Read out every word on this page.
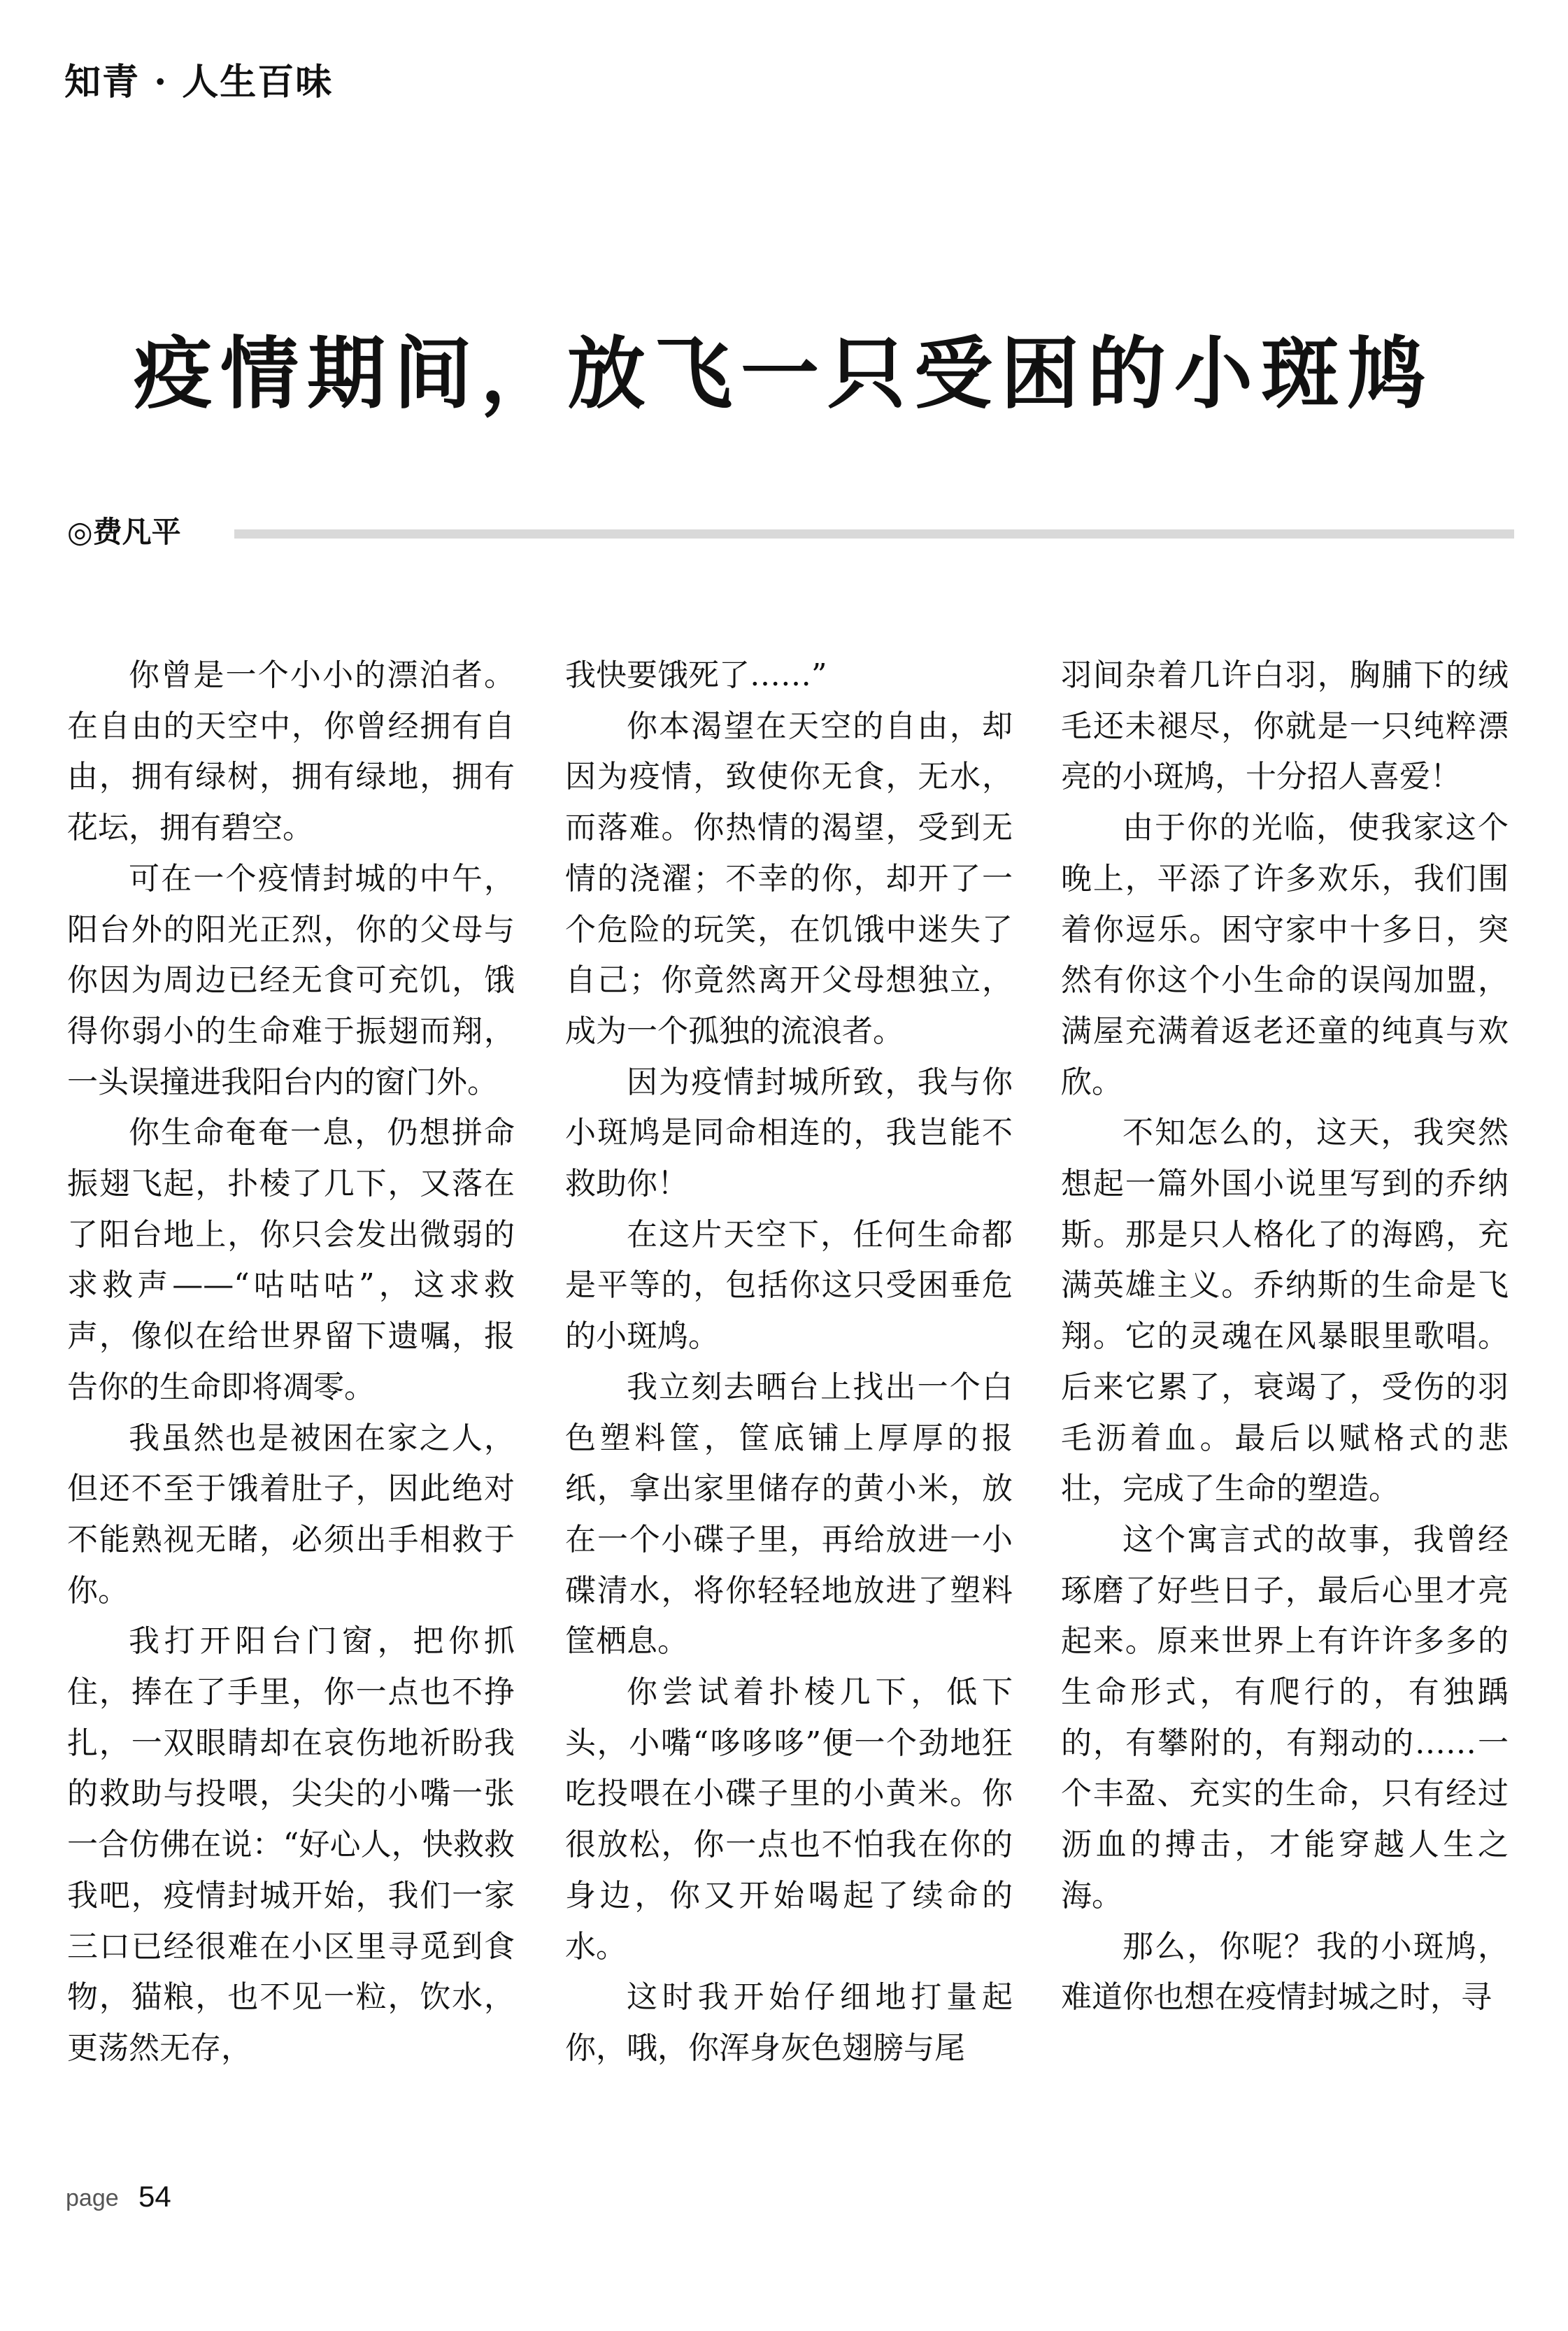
知青 · 人生百味
疫情期间，放飞一只受困的小斑鸠
◎费凡平

你曾是一个小小的漂泊者。在自由的天空中，你曾经拥有自由，拥有绿树，拥有绿地，拥有花坛，拥有碧空。

可在一个疫情封城的中午，阳台外的阳光正烈，你的父母与你因为周边已经无食可充饥，饿得你弱小的生命难于振翅而翔，一头误撞进我阳台内的窗门外。

你生命奄奄一息，仍想拼命振翅飞起，扑棱了几下，又落在了阳台地上，你只会发出微弱的求救声——“咕咕咕”，这求救声，像似在给世界留下遗嘱，报告你的生命即将凋零。

我虽然也是被困在家之人，但还不至于饿着肚子，因此绝对不能熟视无睹，必须出手相救于你。

我打开阳台门窗，把你抓住，捧在了手里，你一点也不挣扎，一双眼睛却在哀伤地祈盼我的救助与投喂，尖尖的小嘴一张一合仿佛在说：“好心人，快救救我吧，疫情封城开始，我们一家三口已经很难在小区里寻觅到食物，猫粮，也不见一粒，饮水，更荡然无存，

我快要饿死了……”

你本渴望在天空的自由，却因为疫情，致使你无食，无水，而落难。你热情的渴望，受到无情的浇濯；不幸的你，却开了一个危险的玩笑，在饥饿中迷失了自己；你竟然离开父母想独立，成为一个孤独的流浪者。

因为疫情封城所致，我与你小斑鸠是同命相连的，我岂能不救助你！

在这片天空下，任何生命都是平等的，包括你这只受困垂危的小斑鸠。

我立刻去晒台上找出一个白色塑料筐，筐底铺上厚厚的报纸，拿出家里储存的黄小米，放在一个小碟子里，再给放进一小碟清水，将你轻轻地放进了塑料筐栖息。

你尝试着扑棱几下，低下头，小嘴“哆哆哆”便一个劲地狂吃投喂在小碟子里的小黄米。你很放松，你一点也不怕我在你的身边，你又开始喝起了续命的水。

这时我开始仔细地打量起你，哦，你浑身灰色翅膀与尾

羽间杂着几许白羽，胸脯下的绒毛还未褪尽，你就是一只纯粹漂亮的小斑鸠，十分招人喜爱！

由于你的光临，使我家这个晚上，平添了许多欢乐，我们围着你逗乐。困守家中十多日，突然有你这个小生命的误闯加盟，满屋充满着返老还童的纯真与欢欣。

不知怎么的，这天，我突然想起一篇外国小说里写到的乔纳斯。那是只人格化了的海鸥，充满英雄主义。乔纳斯的生命是飞翔。它的灵魂在风暴眼里歌唱。后来它累了，衰竭了，受伤的羽毛沥着血。最后以赋格式的悲壮，完成了生命的塑造。

这个寓言式的故事，我曾经琢磨了好些日子，最后心里才亮起来。原来世界上有许许多多的生命形式，有爬行的，有独踽的，有攀附的，有翔动的……一个丰盈、充实的生命，只有经过沥血的搏击，才能穿越人生之海。

那么，你呢？我的小斑鸠，难道你也想在疫情封城之时，寻

page 54
